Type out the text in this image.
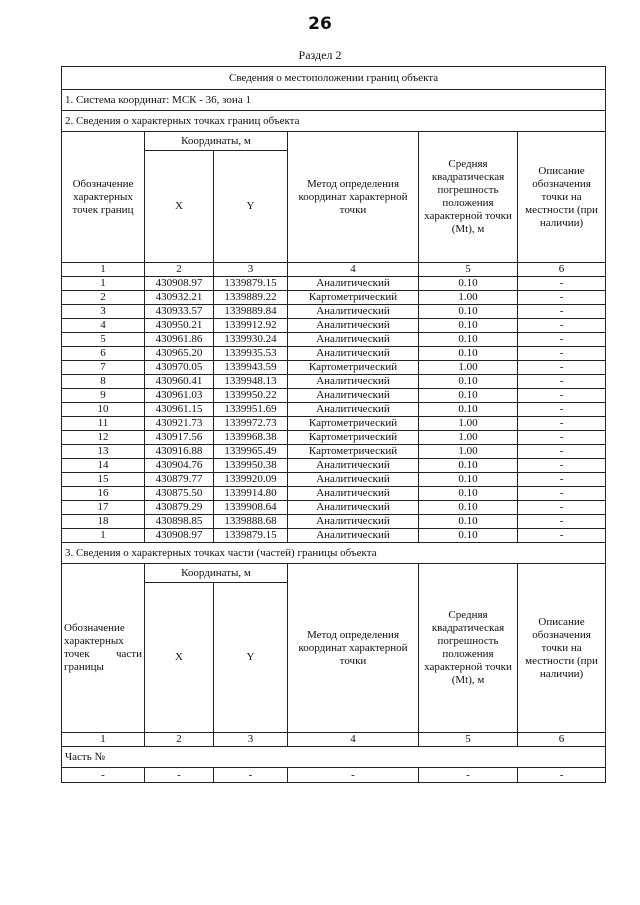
26
Раздел 2
Сведения о местоположении границ объекта					
1. Система координат: МСК - 36, зона 1					
2. Сведения о характерных точках границ объекта					
Обозначение характерных точек границ	Координаты, м		Метод определения координат характерной точки	Средняя квадратическая погрешность положения характерной точки (Mt), м	Описание обозначения точки на местности (при наличии)
	X	Y			
1	2	3	4	5	6
1	430908.97	1339879.15	Аналитический	0.10	-
2	430932.21	1339889.22	Картометрический	1.00	-
3	430933.57	1339889.84	Аналитический	0.10	-
4	430950.21	1339912.92	Аналитический	0.10	-
5	430961.86	1339930.24	Аналитический	0.10	-
6	430965.20	1339935.53	Аналитический	0.10	-
7	430970.05	1339943.59	Картометрический	1.00	-
8	430960.41	1339948.13	Аналитический	0.10	-
9	430961.03	1339950.22	Аналитический	0.10	-
10	430961.15	1339951.69	Аналитический	0.10	-
11	430921.73	1339972.73	Картометрический	1.00	-
12	430917.56	1339968.38	Картометрический	1.00	-
13	430916.88	1339965.49	Картометрический	1.00	-
14	430904.76	1339950.38	Аналитический	0.10	-
15	430879.77	1339920.09	Аналитический	0.10	-
16	430875.50	1339914.80	Аналитический	0.10	-
17	430879.29	1339908.64	Аналитический	0.10	-
18	430898.85	1339888.68	Аналитический	0.10	-
1	430908.97	1339879.15	Аналитический	0.10	-
3. Сведения о характерных точках части (частей) границы объекта					
Обозначение характерных точек части границы	Координаты, м		Метод определения координат характерной точки	Средняя квадратическая погрешность положения характерной точки (Mt), м	Описание обозначения точки на местности (при наличии)
	X	Y			
1	2	3	4	5	6
Часть №					
-	-	-	-	-	-
